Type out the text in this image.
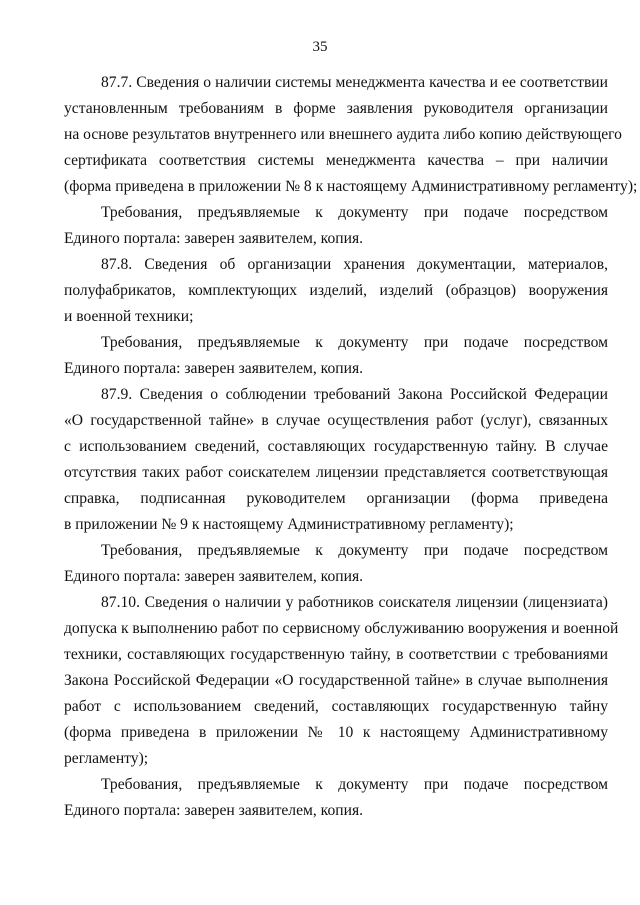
35
87.7. Сведения о наличии системы менеджмента качества и ее соответствии
установленным требованиям в форме заявления руководителя организации
на основе результатов внутреннего или внешнего аудита либо копию действующего
сертификата соответствия системы менеджмента качества – при наличии
(форма приведена в приложении № 8 к настоящему Административному регламенту);
Требования, предъявляемые к документу при подаче посредством
Единого портала: заверен заявителем, копия.
87.8. Сведения об организации хранения документации, материалов,
полуфабрикатов, комплектующих изделий, изделий (образцов) вооружения
и военной техники;
Требования, предъявляемые к документу при подаче посредством
Единого портала: заверен заявителем, копия.
87.9. Сведения о соблюдении требований Закона Российской Федерации
«О государственной тайне» в случае осуществления работ (услуг), связанных
с использованием сведений, составляющих государственную тайну. В случае
отсутствия таких работ соискателем лицензии представляется соответствующая
справка, подписанная руководителем организации (форма приведена
в приложении № 9 к настоящему Административному регламенту);
Требования, предъявляемые к документу при подаче посредством
Единого портала: заверен заявителем, копия.
87.10. Сведения о наличии у работников соискателя лицензии (лицензиата)
допуска к выполнению работ по сервисному обслуживанию вооружения и военной
техники, составляющих государственную тайну, в соответствии с требованиями
Закона Российской Федерации «О государственной тайне» в случае выполнения
работ с использованием сведений, составляющих государственную тайну
(форма приведена в приложении № 10 к настоящему Административному
регламенту);
Требования, предъявляемые к документу при подаче посредством
Единого портала: заверен заявителем, копия.
